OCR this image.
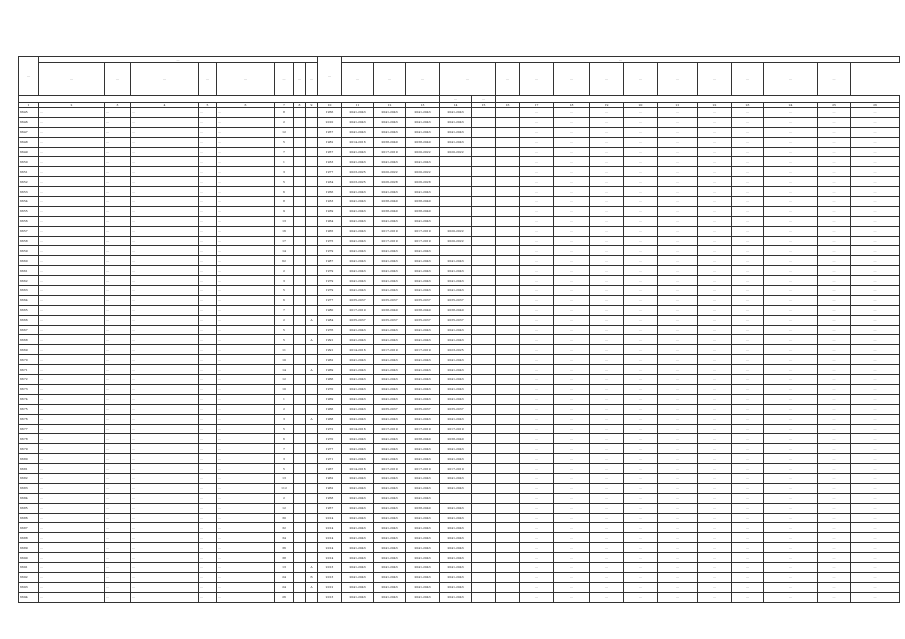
…	…								…	…															
	…	…	…	…	…	…	…	…		…	…	…	…		…	…	…	…	…	…	…	…	…	…	
													…	…											
1	2	3	4	5	6	7	8	9	10	11	12	13	14	15	16	17	18	19	20	21	22	23	24	25	26
6645	…	…	…	…	…	8			1956	2041-2043	2041-2043	2041-2043	2041-2043			…	…	…	…	…	…	…	…	…	…
6646	…	…	…	…	…	2			2010	2041-2043	2041-2043	2041-2043	2041-2043			…	…	…	…	…	…	…	…	…	…
6647	…	…	…	…	…	12			1957	2041-2043	2041-2043	2041-2043	2041-2043			…	…	…	…	…	…	…	…	…	…
6648	…	…	…	…	…	5			1982	2014-2016	2038-2040	2038-2040	2041-2043			…	…	…	…	…	…	…	…	…	…
6649	…	…	…	…	…	7			1957	2041-2043	2017-2019	2020-2022	2020-2022			…	…	…	…	…	…	…	…	…	…
6650	…	…	…	…	…	1			1933	2041-2043	2041-2043	2041-2043				…	…	…	…	…	…	…	…	…	…
6651	…	…	…	…	…	3			1977	2023-2025	2020-2022	2020-2022				…	…	…	…	…	…	…	…	…	…
6652	…	…	…	…	…	5			1934	2023-2025	2026-2028	2026-2028				…	…	…	…	…	…	…	…	…	…
6653	…	…	…	…	…	6			1956	2041-2043	2041-2043	2041-2043				…	…	…	…	…	…	…	…	…	…
6654	…	…	…	…	…	8			1933	2041-2043	2038-2040	2038-2040				…	…	…	…	…	…	…	…	…	…
6655	…	…	…	…	…	9			1939	2041-2043	2038-2040	2038-2040				…	…	…	…	…	…	…	…	…	…
6656	…	…	…	…	…	13			1964	2041-2043	2041-2043	2041-2043				…	…	…	…	…	…	…	…	…	…
6657	…	…	…	…	…	16			1965	2041-2043	2017-2019	2017-2019	2020-2022			…	…	…	…	…	…	…	…	…	…
6658	…	…	…	…	…	17			1975	2041-2043	2017-2019	2017-2019	2020-2022			…	…	…	…	…	…	…	…	…	…
6659	…	…	…	…	…	14			1979	2041-2043	2041-2043	2041-2043				…	…	…	…	…	…	…	…	…	…
6660	…	…	…	…	…	62			1987	2041-2043	2041-2043	2041-2043	2041-2043			…	…	…	…	…	…	…	…	…	…
6661	…	…	…	…	…	2			1979	2041-2043	2041-2043	2041-2043	2041-2043			…	…	…	…	…	…	…	…	…	…
6662	…	…	…	…	…	3			1979	2041-2043	2041-2043	2041-2043	2041-2043			…	…	…	…	…	…	…	…	…	…
6663	…	…	…	…	…	5			1979	2041-2043	2041-2043	2041-2043	2041-2043			…	…	…	…	…	…	…	…	…	…
6664	…	…	…	…	…	6			1977	2035-2037	2035-2037	2035-2037	2035-2037			…	…	…	…	…	…	…	…	…	…
6665	…	…	…	…	…	7			1980	2017-2019	2038-2040	2038-2040	2038-2040			…	…	…	…	…	…	…	…	…	…
6666	…	…	…	…	…	2		А	1984	2035-2037	2035-2037	2035-2037	2035-2037			…	…	…	…	…	…	…	…	…	…
6667	…	…	…	…	…	5			1976	2041-2043	2041-2043	2041-2043	2041-2043			…	…	…	…	…	…	…	…	…	…
6668	…	…	…	…	…	5		А	1991	2041-2043	2041-2043	2041-2043	2041-2043			…	…	…	…	…	…	…	…	…	…
6669	…	…	…	…	…	11			1991	2014-2016	2017-2019	2017-2019	2023-2025			…	…	…	…	…	…	…	…	…	…
6670	…	…	…	…	…	10			1962	2041-2043	2041-2043	2041-2043	2041-2043			…	…	…	…	…	…	…	…	…	…
6671	…	…	…	…	…	14		А	1969	2041-2043	2041-2043	2041-2043	2041-2043			…	…	…	…	…	…	…	…	…	…
6672	…	…	…	…	…	12			1966	2041-2043	2041-2043	2041-2043	2041-2043			…	…	…	…	…	…	…	…	…	…
6673	…	…	…	…	…	10			1970	2041-2043	2041-2043	2041-2043	2041-2043			…	…	…	…	…	…	…	…	…	…
6674	…	…	…	…	…	1			1969	2041-2043	2041-2043	2041-2043	2041-2043			…	…	…	…	…	…	…	…	…	…
6675	…	…	…	…	…	2			1966	2041-2043	2035-2037	2035-2037	2035-2037			…	…	…	…	…	…	…	…	…	…
6676	…	…	…	…	…	3		А	1968	2041-2043	2041-2043	2041-2043	2041-2043			…	…	…	…	…	…	…	…	…	…
6677	…	…	…	…	…	5			1972	2014-2016	2017-2019	2017-2019	2017-2019			…	…	…	…	…	…	…	…	…	…
6678	…	…	…	…	…	6			1970	2041-2043	2041-2043	2038-2040	2038-2040			…	…	…	…	…	…	…	…	…	…
6679	…	…	…	…	…	7			1977	2041-2043	2041-2043	2041-2043	2041-2043			…	…	…	…	…	…	…	…	…	…
6680	…	…	…	…	…	3			1971	2041-2043	2041-2043	2041-2043	2041-2043			…	…	…	…	…	…	…	…	…	…
6681	…	…	…	…	…	5			1967	2014-2016	2017-2019	2017-2019	2017-2019			…	…	…	…	…	…	…	…	…	…
6682	…	…	…	…	…	13			1962	2041-2043	2041-2043	2041-2043	2041-2043			…	…	…	…	…	…	…	…	…	…
6683	…	…	…	…	…	112			1962	2041-2043	2041-2043	2041-2043	2041-2043			…	…	…	…	…	…	…	…	…	…
6684	…	…	…	…	…	2			1958	2041-2043	2041-2043	2041-2043				…	…	…	…	…	…	…	…	…	…
6685	…	…	…	…	…	12			1957	2041-2043	2041-2043	2038-2040	2041-2043			…	…	…	…	…	…	…	…	…	…
6686	…	…	…	…	…	30			2014	2041-2043	2041-2043	2041-2043	2041-2043			…	…	…	…	…	…	…	…	…	…
6687	…	…	…	…	…	32			2014	2041-2043	2041-2043	2041-2043	2041-2043			…	…	…	…	…	…	…	…	…	…
6688	…	…	…	…	…	34			2014	2041-2043	2041-2043	2041-2043	2041-2043			…	…	…	…	…	…	…	…	…	…
6689	…	…	…	…	…	36			2014	2041-2043	2041-2043	2041-2043	2041-2043			…	…	…	…	…	…	…	…	…	…
6690	…	…	…	…	…	38			2014	2041-2043	2041-2043	2041-2043	2041-2043			…	…	…	…	…	…	…	…	…	…
6691	…	…	…	…	…	13		А	2013	2041-2043	2041-2043	2041-2043	2041-2043			…	…	…	…	…	…	…	…	…	…
6692	…	…	…	…	…	24		Б	2013	2041-2043	2041-2043	2041-2043	2041-2043			…	…	…	…	…	…	…	…	…	…
6693	…	…	…	…	…	24		А	2012	2041-2043	2041-2043	2041-2043	2041-2043			…	…	…	…	…	…	…	…	…	…
6694	…	…	…	…	…	26			2013	2041-2043	2041-2043	2041-2043	2041-2043			…	…	…	…	…	…	…	…	…	…
